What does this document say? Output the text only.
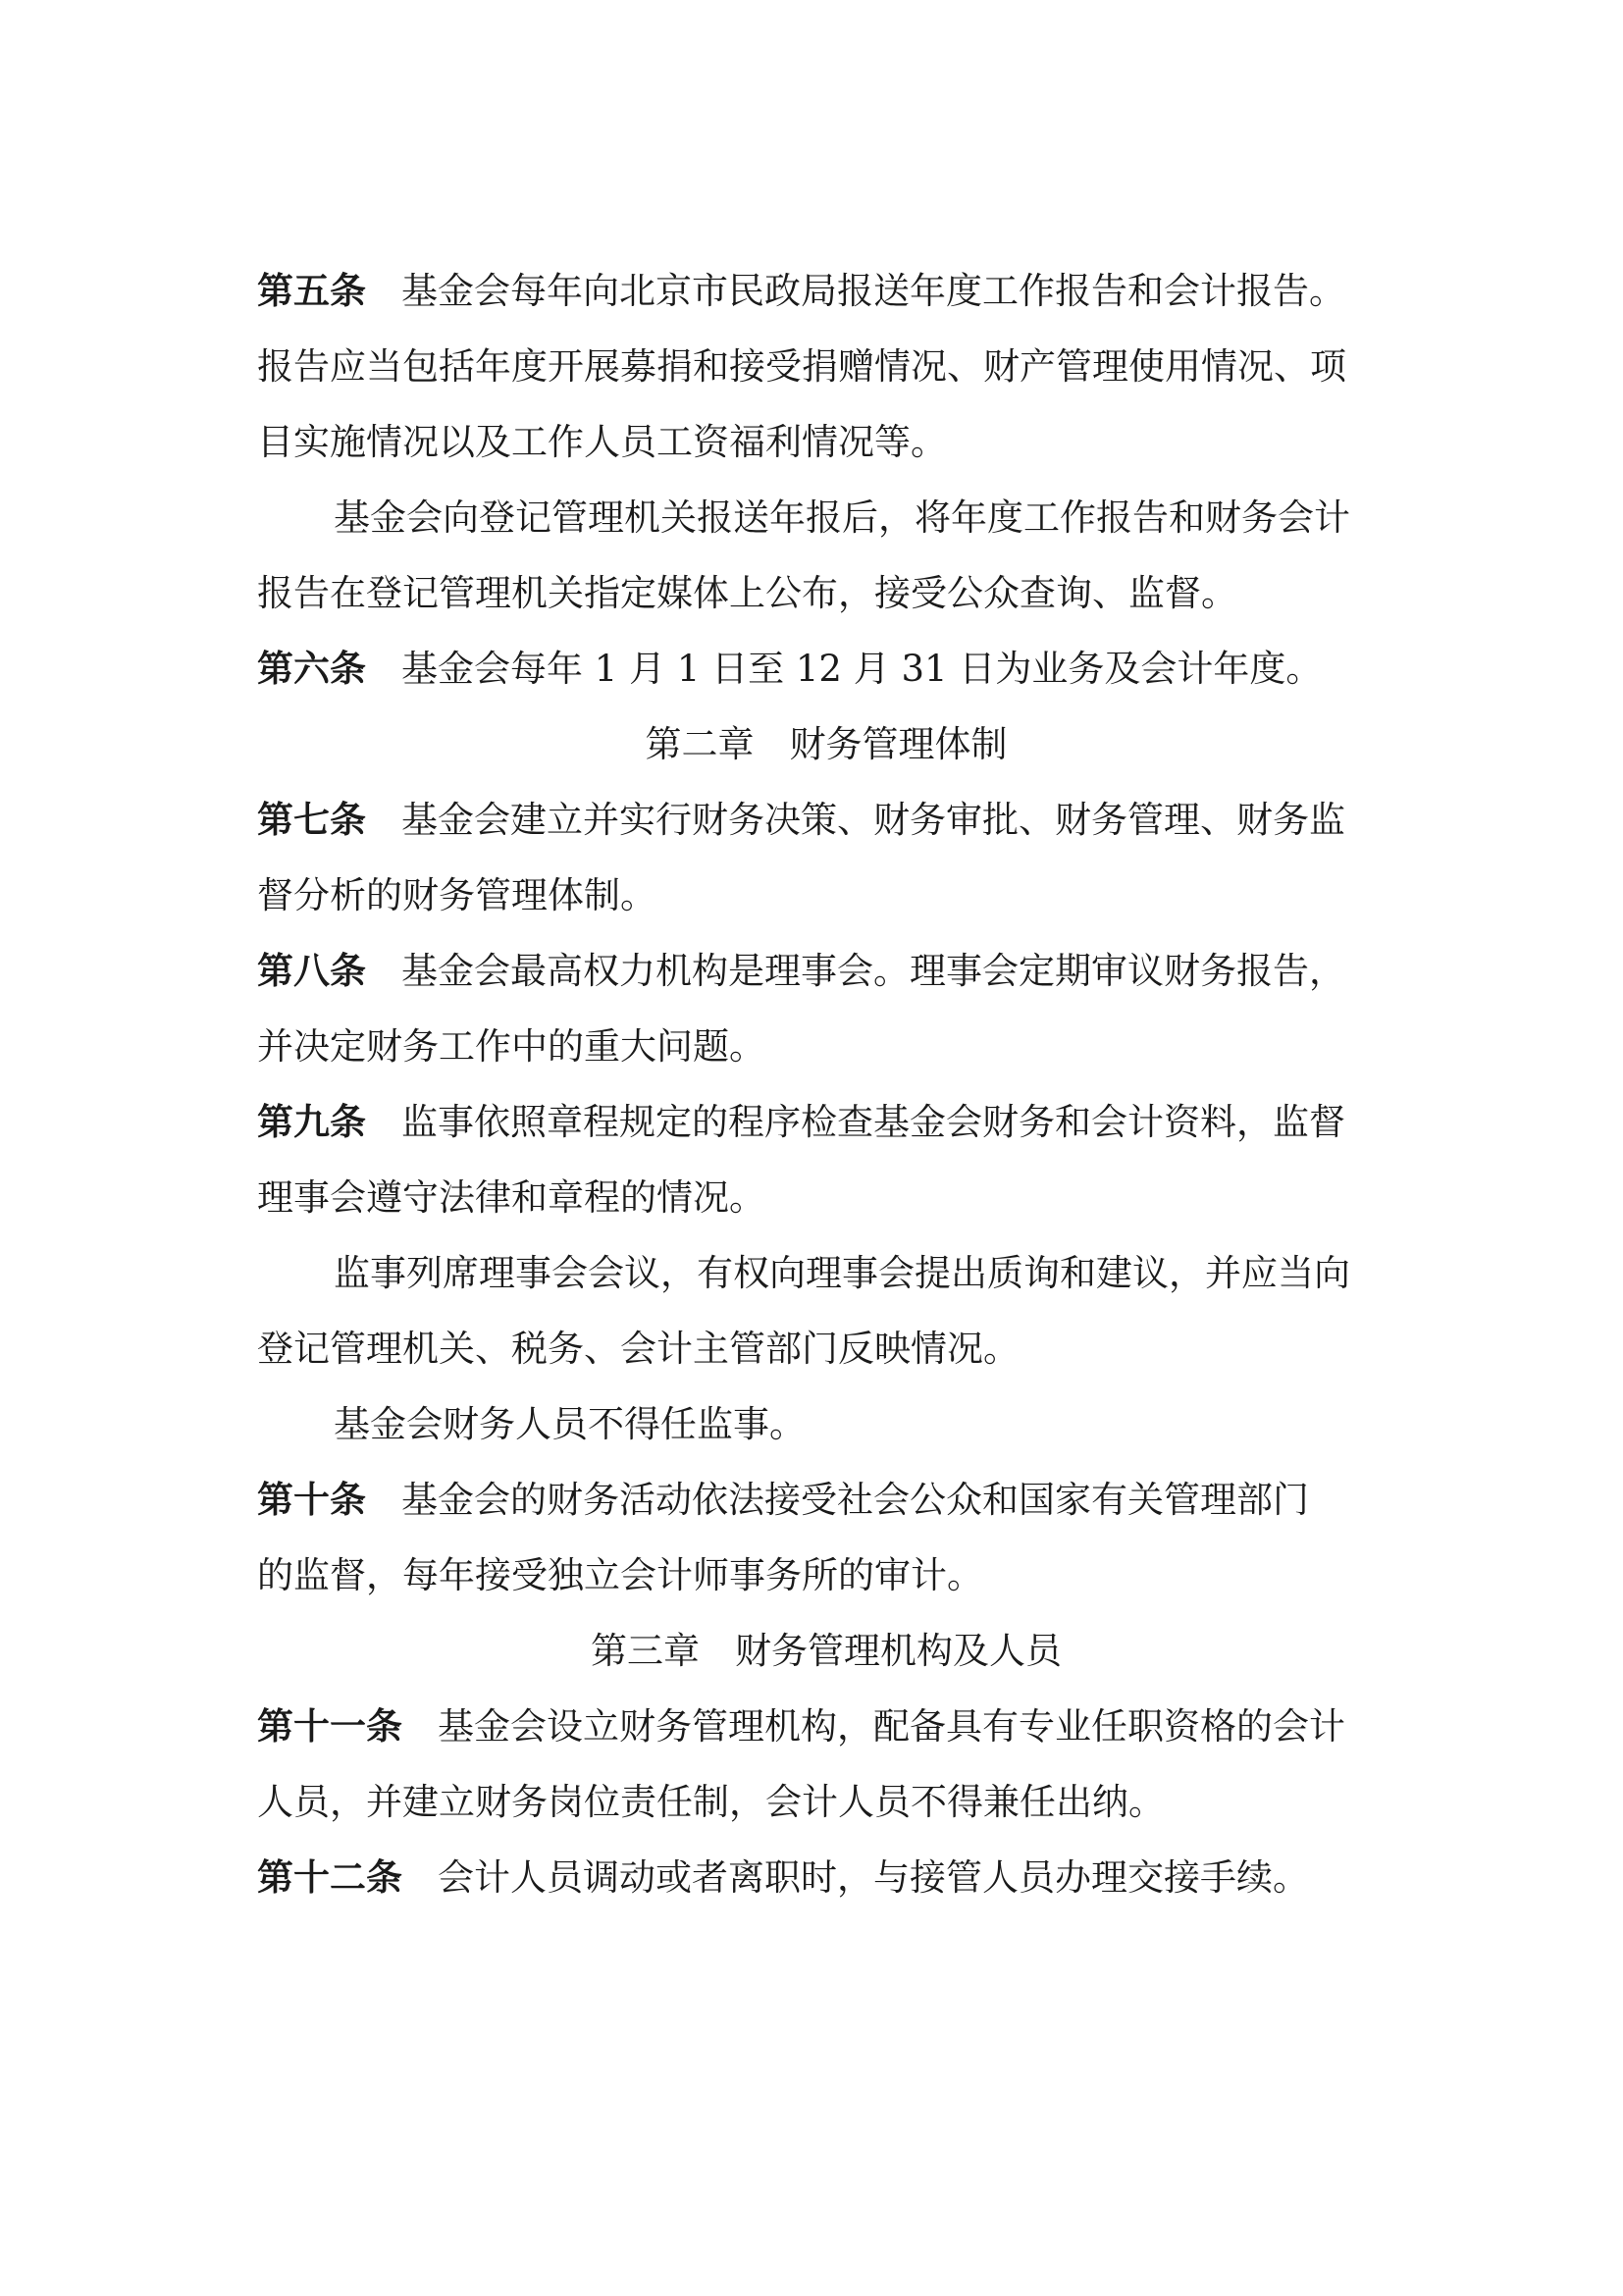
第五条 基金会每年向北京市民政局报送年度工作报告和会计报告。
报告应当包括年度开展募捐和接受捐赠情况、财产管理使用情况、项
目实施情况以及工作人员工资福利情况等。
基金会向登记管理机关报送年报后，将年度工作报告和财务会计
报告在登记管理机关指定媒体上公布，接受公众查询、监督。
第六条 基金会每年 1 月 1 日至 12 月 31 日为业务及会计年度。
第二章 财务管理体制
第七条 基金会建立并实行财务决策、财务审批、财务管理、财务监
督分析的财务管理体制。
第八条 基金会最高权力机构是理事会。理事会定期审议财务报告，
并决定财务工作中的重大问题。
第九条 监事依照章程规定的程序检查基金会财务和会计资料，监督
理事会遵守法律和章程的情况。
监事列席理事会会议，有权向理事会提出质询和建议，并应当向
登记管理机关、税务、会计主管部门反映情况。
基金会财务人员不得任监事。
第十条 基金会的财务活动依法接受社会公众和国家有关管理部门
的监督，每年接受独立会计师事务所的审计。
第三章 财务管理机构及人员
第十一条 基金会设立财务管理机构，配备具有专业任职资格的会计
人员，并建立财务岗位责任制，会计人员不得兼任出纳。
第十二条 会计人员调动或者离职时，与接管人员办理交接手续。
